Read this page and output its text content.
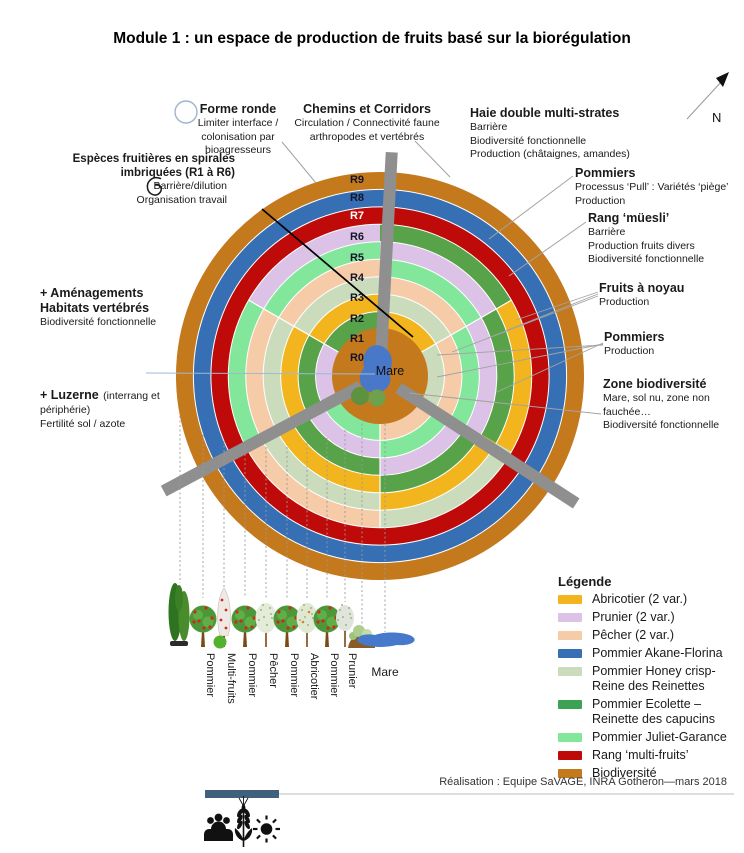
N
Pommier Multi-fruits Pommier Pêcher Pommier Abricotier Pommier Prunier Mare
R9
R8
R7
R6
R5
R4
R3
R2
R1
R0
Mare
Module 1 : un espace de production de fruits basé sur la biorégulation
Forme ronde
Limiter interface /
colonisation par bioagresseurs
Chemins et Corridors
Circulation / Connectivité faune
arthropodes et vertébrés
Haie double multi-strates
Barrière
Biodiversité fonctionnelle
Production (châtaignes, amandes)
Espèces fruitières en spirales
imbriquées (R1 à R6)
Barrière/dilution
Organisation travail
Pommiers
Processus ‘Pull’ : Variétés ‘piège’
Production
Rang ‘müesli’
Barrière
Production fruits divers
Biodiversité fonctionnelle
Fruits à noyau
Production
Pommiers
Production
Zone biodiversité
Mare, sol nu, zone non fauchée…
Biodiversité fonctionnelle
+ Aménagements
Habitats vertébrés
Biodiversité fonctionnelle
+ Luzerne (interrang et
périphérie)
Fertilité sol / azote
Légende
Abricotier (2 var.)
Prunier (2 var.)
Pêcher (2 var.)
Pommier Akane-Florina
Pommier Honey crisp-
Reine des Reinettes
Pommier Ecolette –
Reinette des capucins
Pommier Juliet-Garance
Rang ‘multi-fruits’
Biodiversité
Réalisation : Equipe SaVAGE, INRA Gotheron—mars 2018
